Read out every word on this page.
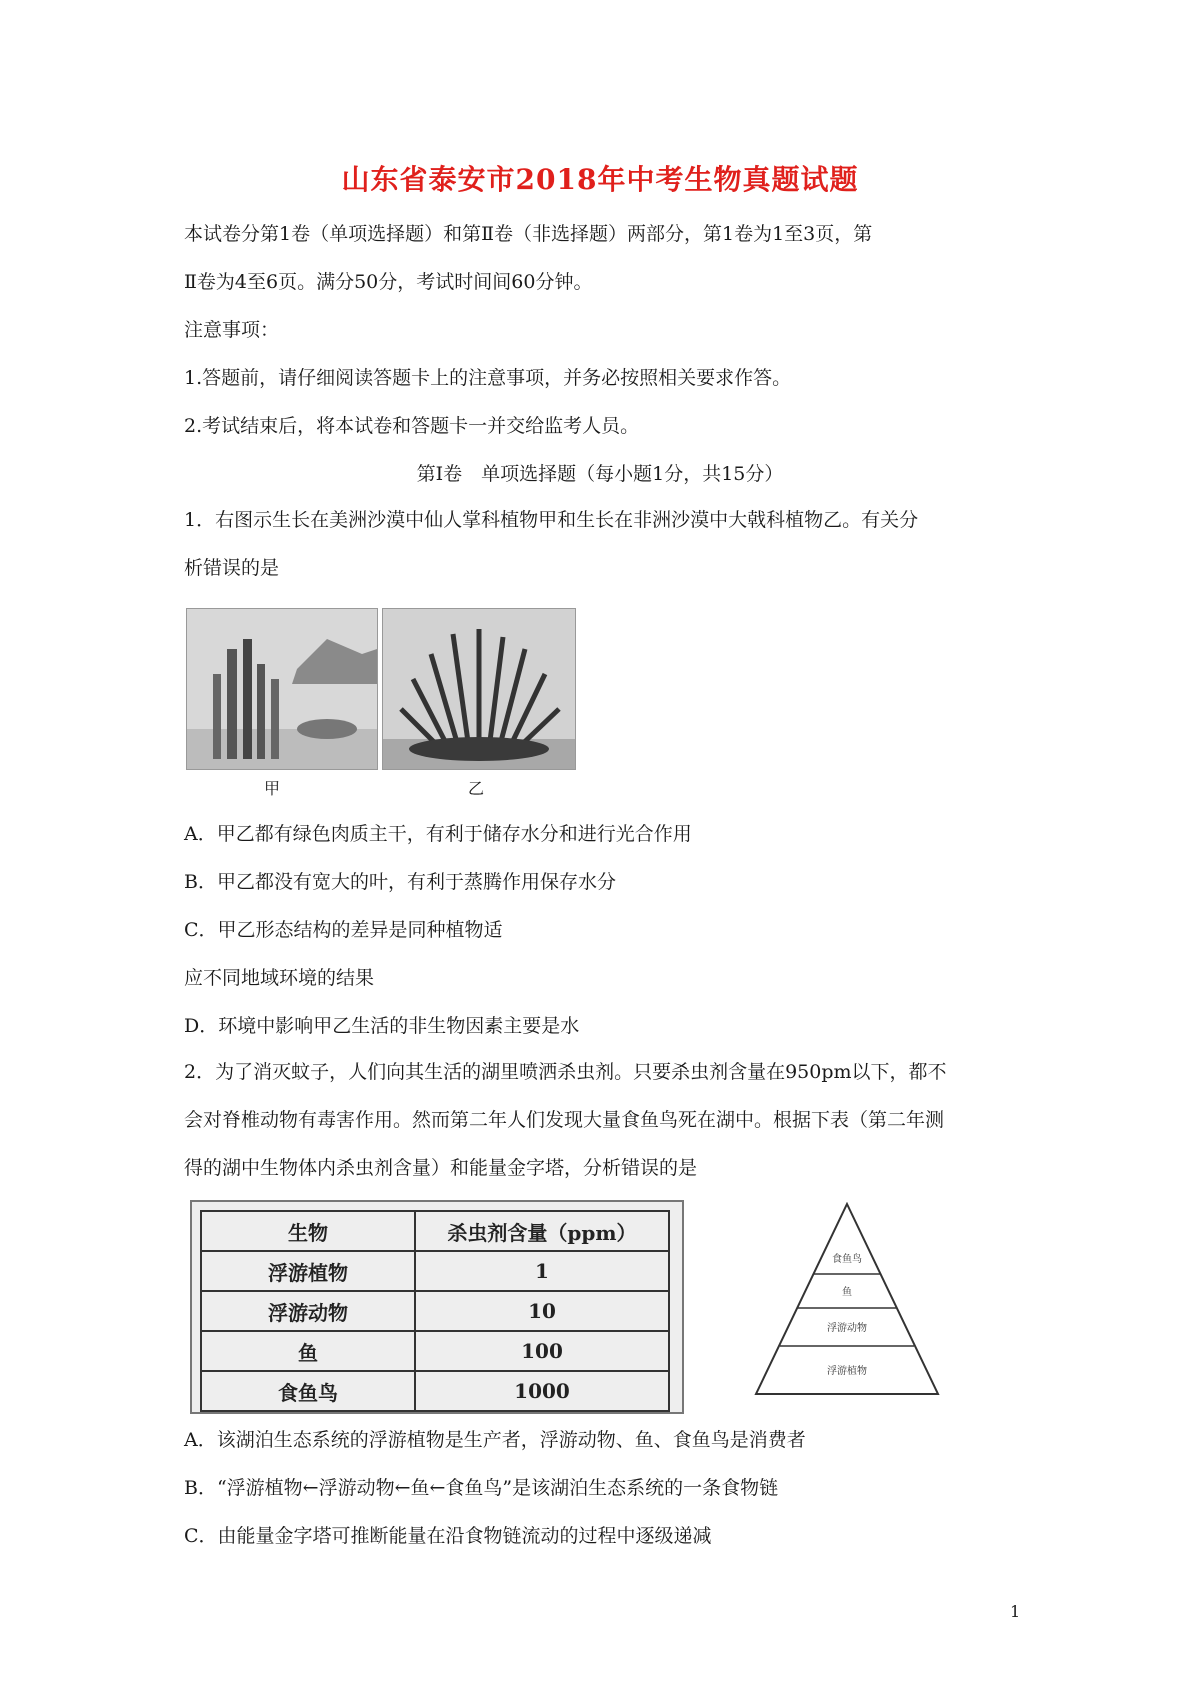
山东省泰安市2018年中考生物真题试题
本试卷分第1卷（单项选择题）和第Ⅱ卷（非选择题）两部分，第1卷为1至3页，第
Ⅱ卷为4至6页。满分50分，考试时间间60分钟。
注意事项：
1.答题前，请仔细阅读答题卡上的注意事项，并务必按照相关要求作答。
2.考试结束后，将本试卷和答题卡一并交给监考人员。
第Ⅰ卷　单项选择题（每小题1分，共15分）
1．右图示生长在美洲沙漠中仙人掌科植物甲和生长在非洲沙漠中大戟科植物乙。有关分
析错误的是
甲	乙
A．甲乙都有绿色肉质主干，有利于储存水分和进行光合作用
B．甲乙都没有宽大的叶，有利于蒸腾作用保存水分
C．甲乙形态结构的差异是同种植物适
应不同地域环境的结果
D．环境中影响甲乙生活的非生物因素主要是水
2．为了消灭蚊子，人们向其生活的湖里喷洒杀虫剂。只要杀虫剂含量在950pm以下，都不
会对脊椎动物有毒害作用。然而第二年人们发现大量食鱼鸟死在湖中。根据下表（第二年测
得的湖中生物体内杀虫剂含量）和能量金字塔，分析错误的是
生物	杀虫剂含量（ppm）
浮游植物	1
浮游动物	10
鱼	100
食鱼鸟	1000
食鱼鸟
鱼
浮游动物
浮游植物
A．该湖泊生态系统的浮游植物是生产者，浮游动物、鱼、食鱼鸟是消费者
B．“浮游植物←浮游动物←鱼←食鱼鸟”是该湖泊生态系统的一条食物链
C．由能量金字塔可推断能量在沿食物链流动的过程中逐级递减
1
